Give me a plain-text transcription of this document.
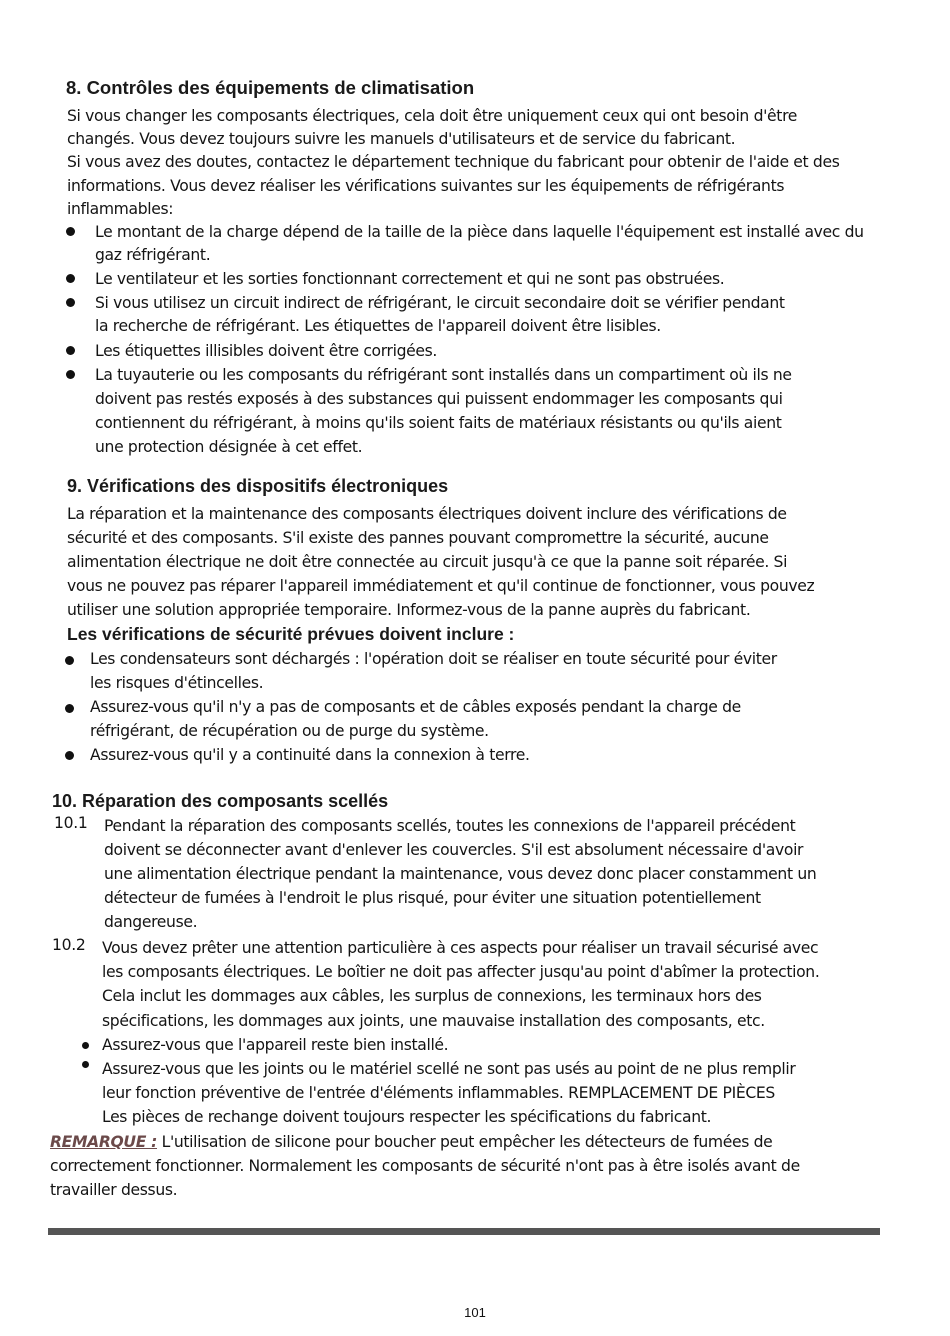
8. Contrôles des équipements de climatisation
Si vous changer les composants électriques, cela doit être uniquement ceux qui ont besoin d'être
changés. Vous devez toujours suivre les manuels d'utilisateurs et de service du fabricant.
Si vous avez des doutes, contactez le département technique du fabricant pour obtenir de l'aide et des
informations. Vous devez réaliser les vérifications suivantes sur les équipements de réfrigérants
inflammables:
Le montant de la charge dépend de la taille de la pièce dans laquelle l'équipement est installé avec du
gaz réfrigérant.
Le ventilateur et les sorties fonctionnant correctement et qui ne sont pas obstruées.
Si vous utilisez un circuit indirect de réfrigérant, le circuit secondaire doit se vérifier pendant
la recherche de réfrigérant. Les étiquettes de l'appareil doivent être lisibles.
Les étiquettes illisibles doivent être corrigées.
La tuyauterie ou les composants du réfrigérant sont installés dans un compartiment où ils ne
doivent pas restés exposés à des substances qui puissent endommager les composants qui
contiennent du réfrigérant, à moins qu'ils soient faits de matériaux résistants ou qu'ils aient
une protection désignée à cet effet.
9. Vérifications des dispositifs électroniques
La réparation et la maintenance des composants électriques doivent inclure des vérifications de
sécurité et des composants. S'il existe des pannes pouvant compromettre la sécurité, aucune
alimentation électrique ne doit être connectée au circuit jusqu'à ce que la panne soit réparée. Si
vous ne pouvez pas réparer l'appareil immédiatement et qu'il continue de fonctionner, vous pouvez
utiliser une solution appropriée temporaire. Informez-vous de la panne auprès du fabricant.
Les vérifications de sécurité prévues doivent inclure :
Les condensateurs sont déchargés : l'opération doit se réaliser en toute sécurité pour éviter
les risques d'étincelles.
Assurez-vous qu'il n'y a pas de composants et de câbles exposés pendant la charge de
réfrigérant, de récupération ou de purge du système.
Assurez-vous qu'il y a continuité dans la connexion à terre.
10. Réparation des composants scellés
10.1 Pendant la réparation des composants scellés, toutes les connexions de l'appareil précédent
doivent se déconnecter avant d'enlever les couvercles. S'il est absolument nécessaire d'avoir
une alimentation électrique pendant la maintenance, vous devez donc placer constamment un
détecteur de fumées à l'endroit le plus risqué, pour éviter une situation potentiellement
dangereuse.
10.2 Vous devez prêter une attention particulière à ces aspects pour réaliser un travail sécurisé avec
les composants électriques. Le boîtier ne doit pas affecter jusqu'au point d'abîmer la protection.
Cela inclut les dommages aux câbles, les surplus de connexions, les terminaux hors des
spécifications, les dommages aux joints, une mauvaise installation des composants, etc.
Assurez-vous que l'appareil reste bien installé.
Assurez-vous que les joints ou le matériel scellé ne sont pas usés au point de ne plus remplir
leur fonction préventive de l'entrée d'éléments inflammables. REMPLACEMENT DE PIÈCES
Les pièces de rechange doivent toujours respecter les spécifications du fabricant.
REMARQUE : L'utilisation de silicone pour boucher peut empêcher les détecteurs de fumées de
correctement fonctionner. Normalement les composants de sécurité n'ont pas à être isolés avant de
travailler dessus.
101
